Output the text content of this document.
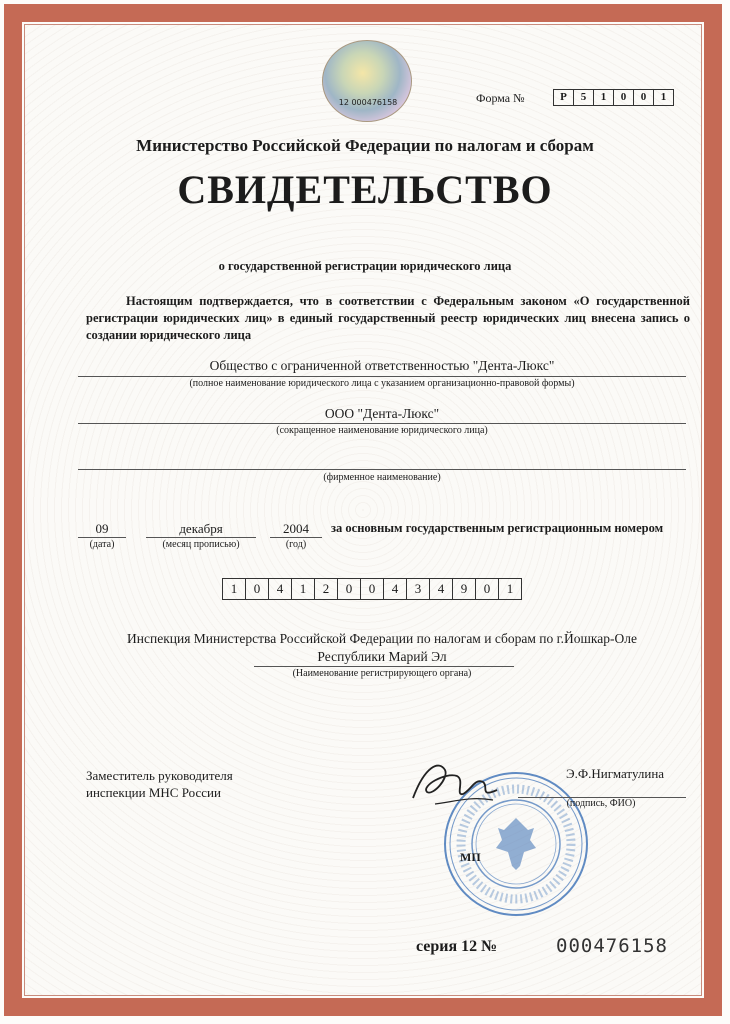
12 000476158	Форма №	Р	5	1	0	0	1
Министерство Российской Федерации по налогам и сборам
СВИДЕТЕЛЬСТВО
о государственной регистрации юридического лица
Настоящим подтверждается, что в соответствии с Федеральным законом «О государственной регистрации юридических лиц» в единый государственный реестр юридических лиц внесена запись о создании юридического лица
Общество с ограниченной ответственностью "Дента-Люкс"
(полное наименование юридического лица с указанием организационно-правовой формы)
ООО "Дента-Люкс"
(сокращенное наименование юридического лица)
(фирменное наименование)
09
(дата)
декабря
(месяц прописью)
2004
(год)
за основным государственным регистрационным номером
1	0	4	1	2	0	0	4	3	4	9	0	1
Инспекция Министерства Российской Федерации по налогам и сборам по г.Йошкар-Оле
Республики Марий Эл
(Наименование регистрирующего органа)
Заместитель руководителя
инспекции МНС России
Э.Ф.Нигматулина
(подпись, ФИО)
МП
серия 12 №	000476158
